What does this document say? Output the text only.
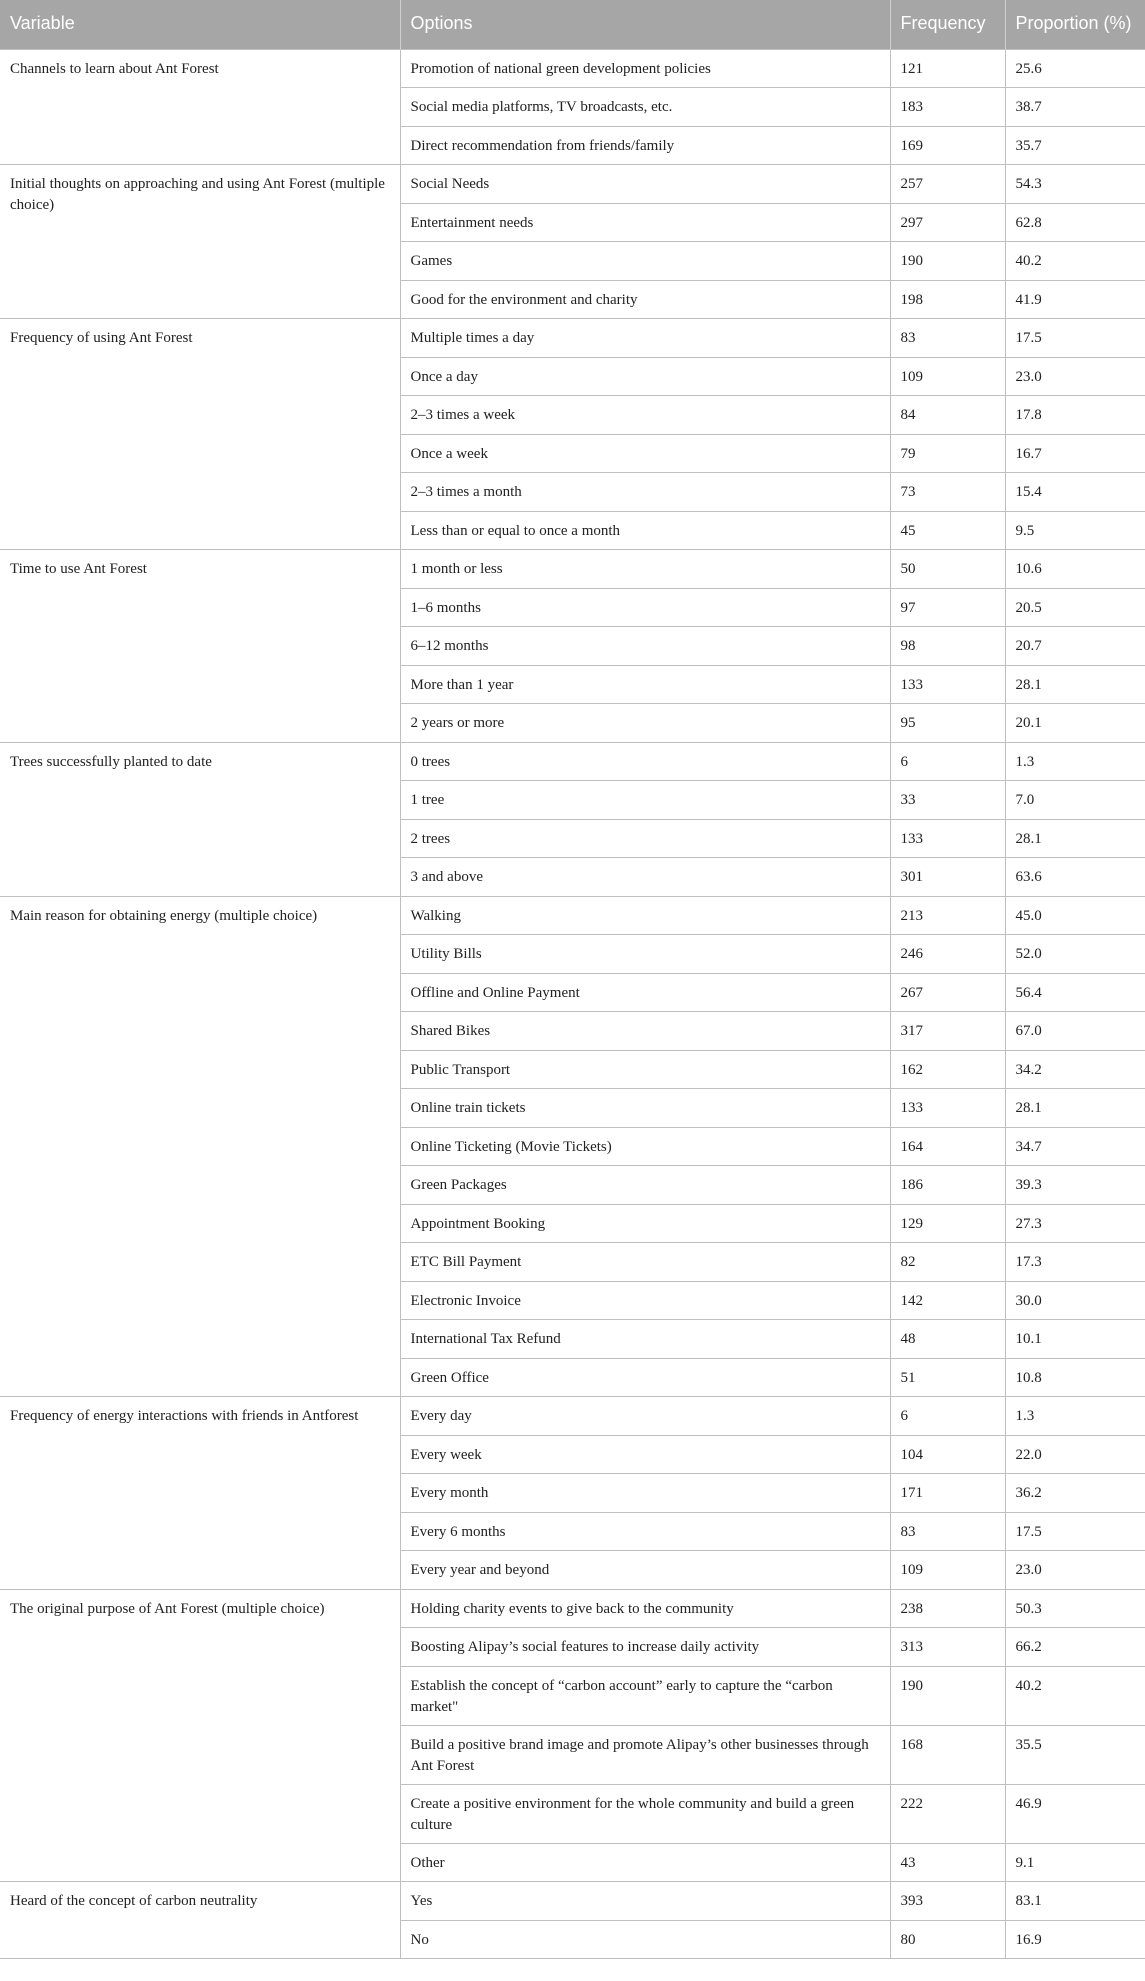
Variable	Options	Frequency	Proportion (%)
Channels to learn about Ant Forest	Promotion of national green development policies	121	25.6
	Social media platforms, TV broadcasts, etc.	183	38.7
	Direct recommendation from friends/family	169	35.7
Initial thoughts on approaching and using Ant Forest (multiple choice)	Social Needs	257	54.3
	Entertainment needs	297	62.8
	Games	190	40.2
	Good for the environment and charity	198	41.9
Frequency of using Ant Forest	Multiple times a day	83	17.5
	Once a day	109	23.0
	2–3 times a week	84	17.8
	Once a week	79	16.7
	2–3 times a month	73	15.4
	Less than or equal to once a month	45	9.5
Time to use Ant Forest	1 month or less	50	10.6
	1–6 months	97	20.5
	6–12 months	98	20.7
	More than 1 year	133	28.1
	2 years or more	95	20.1
Trees successfully planted to date	0 trees	6	1.3
	1 tree	33	7.0
	2 trees	133	28.1
	3 and above	301	63.6
Main reason for obtaining energy (multiple choice)	Walking	213	45.0
	Utility Bills	246	52.0
	Offline and Online Payment	267	56.4
	Shared Bikes	317	67.0
	Public Transport	162	34.2
	Online train tickets	133	28.1
	Online Ticketing (Movie Tickets)	164	34.7
	Green Packages	186	39.3
	Appointment Booking	129	27.3
	ETC Bill Payment	82	17.3
	Electronic Invoice	142	30.0
	International Tax Refund	48	10.1
	Green Office	51	10.8
Frequency of energy interactions with friends in Antforest	Every day	6	1.3
	Every week	104	22.0
	Every month	171	36.2
	Every 6 months	83	17.5
	Every year and beyond	109	23.0
The original purpose of Ant Forest (multiple choice)	Holding charity events to give back to the community	238	50.3
	Boosting Alipay’s social features to increase daily activity	313	66.2
	Establish the concept of “carbon account” early to capture the “carbon market"	190	40.2
	Build a positive brand image and promote Alipay’s other businesses through Ant Forest	168	35.5
	Create a positive environment for the whole community and build a green culture	222	46.9
	Other	43	9.1
Heard of the concept of carbon neutrality	Yes	393	83.1
	No	80	16.9
